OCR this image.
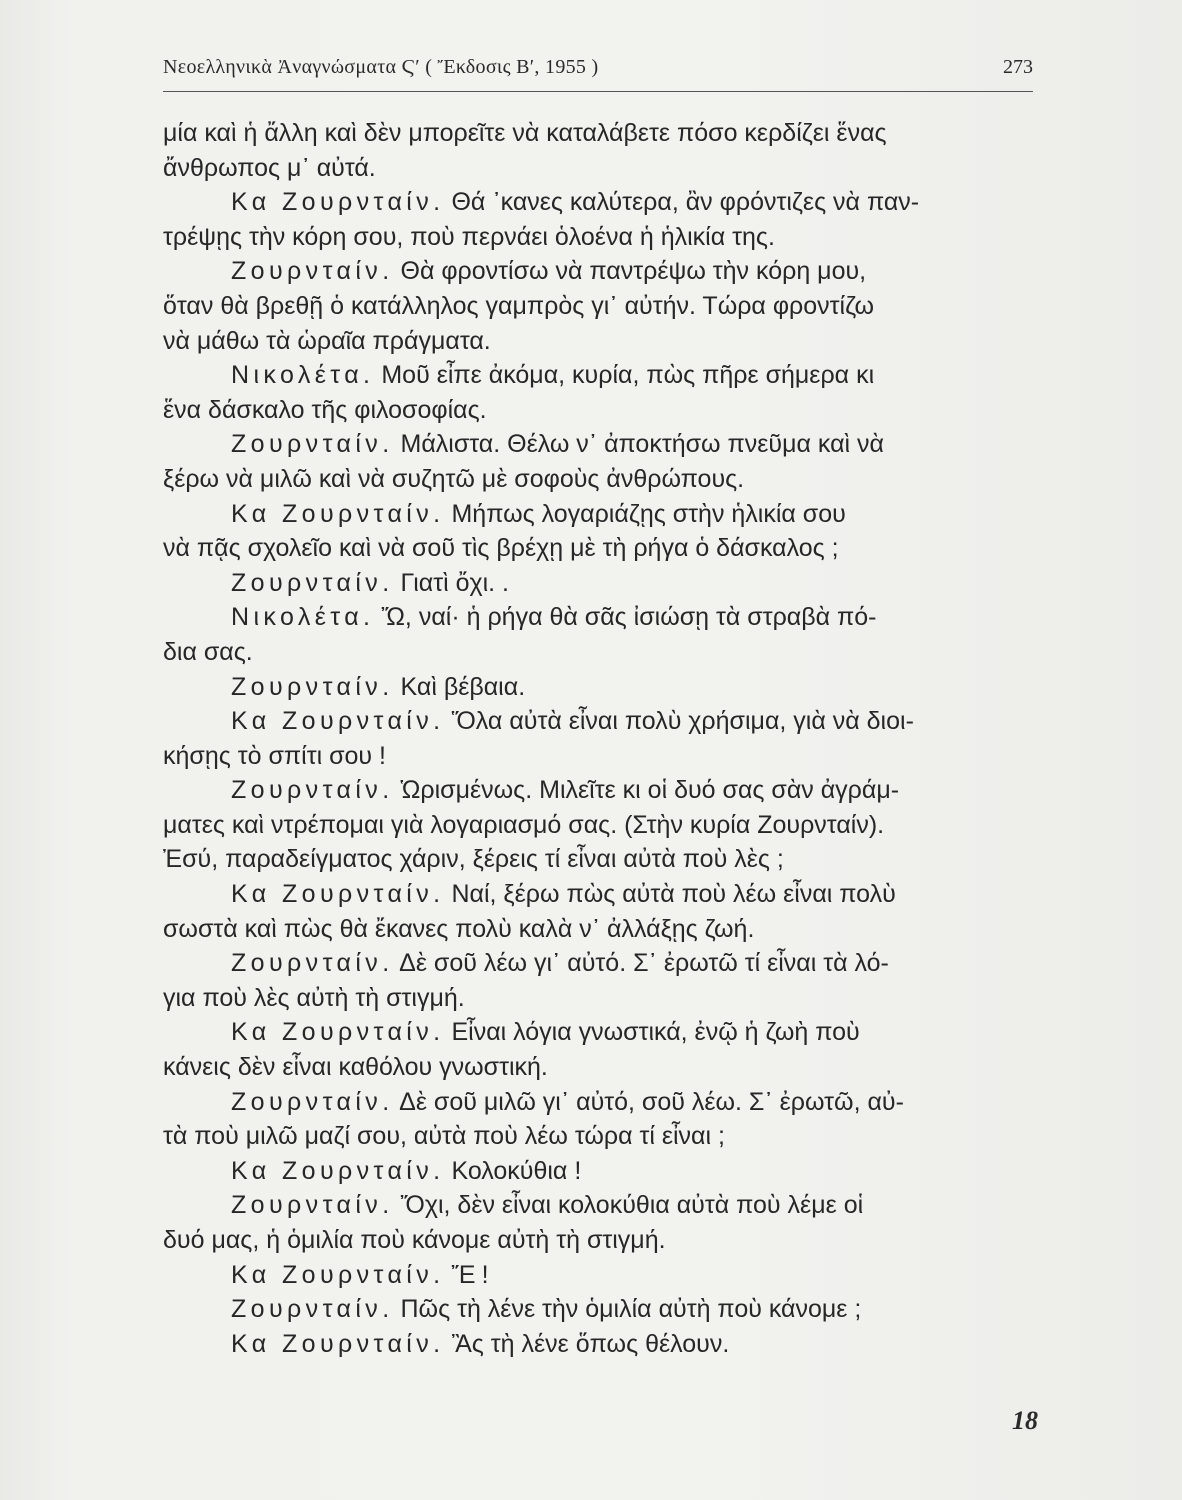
Νεοελληνικὰ Ἀναγνώσματα Ϛ′ ( Ἔκδοσις Β′, 1955 )	273
μία καὶ ἡ ἄλλη καὶ δὲν μπορεῖτε νὰ καταλάβετε πόσο κερδίζει ἕνας
ἄνθρωπος μ᾽ αὐτά.
Κα Ζουρνταίν. Θά ᾽κανες καλύτερα, ἂν φρόντιζες νὰ παν-
τρέψῃς τὴν κόρη σου, ποὺ περνάει ὁλοένα ἡ ἡλικία της.
Ζουρνταίν. Θὰ φροντίσω νὰ παντρέψω τὴν κόρη μου,
ὅταν θὰ βρεθῇ ὁ κατάλληλος γαμπρὸς γι᾽ αὐτήν. Τώρα φροντίζω
νὰ μάθω τὰ ὡραῖα πράγματα.
Νικολέτα. Μοῦ εἶπε ἀκόμα, κυρία, πὼς πῆρε σήμερα κι
ἕνα δάσκαλο τῆς φιλοσοφίας.
Ζουρνταίν. Μάλιστα. Θέλω ν᾽ ἀποκτήσω πνεῦμα καὶ νὰ
ξέρω νὰ μιλῶ καὶ νὰ συζητῶ μὲ σοφοὺς ἀνθρώπους.
Κα Ζουρνταίν. Μήπως λογαριάζῃς στὴν ἡλικία σου
νὰ πᾷς σχολεῖο καὶ νὰ σοῦ τὶς βρέχῃ μὲ τὴ ρήγα ὁ δάσκαλος ;
Ζουρνταίν. Γιατὶ ὄχι. .
Νικολέτα. Ὤ, ναί· ἡ ρήγα θὰ σᾶς ἰσιώσῃ τὰ στραβὰ πό-
δια σας.
Ζουρνταίν. Καὶ βέβαια.
Κα Ζουρνταίν. Ὅλα αὐτὰ εἶναι πολὺ χρήσιμα, γιὰ νὰ διοι-
κήσῃς τὸ σπίτι σου !
Ζουρνταίν. Ὡρισμένως. Μιλεῖτε κι οἱ δυό σας σὰν ἀγράμ-
ματες καὶ ντρέπομαι γιὰ λογαριασμό σας. (Στὴν κυρία Ζουρνταίν).
Ἐσύ, παραδείγματος χάριν, ξέρεις τί εἶναι αὐτὰ ποὺ λὲς ;
Κα Ζουρνταίν. Ναί, ξέρω πὼς αὐτὰ ποὺ λέω εἶναι πολὺ
σωστὰ καὶ πὼς θὰ ἔκανες πολὺ καλὰ ν᾽ ἀλλάξῃς ζωή.
Ζουρνταίν. Δὲ σοῦ λέω γι᾽ αὐτό. Σ᾽ ἐρωτῶ τί εἶναι τὰ λό-
για ποὺ λὲς αὐτὴ τὴ στιγμή.
Κα Ζουρνταίν. Εἶναι λόγια γνωστικά, ἐνῷ ἡ ζωὴ ποὺ
κάνεις δὲν εἶναι καθόλου γνωστική.
Ζουρνταίν. Δὲ σοῦ μιλῶ γι᾽ αὐτό, σοῦ λέω. Σ᾽ ἐρωτῶ, αὐ-
τὰ ποὺ μιλῶ μαζί σου, αὐτὰ ποὺ λέω τώρα τί εἶναι ;
Κα Ζουρνταίν. Κολοκύθια !
Ζουρνταίν. Ὄχι, δὲν εἶναι κολοκύθια αὐτὰ ποὺ λέμε οἱ
δυό μας, ἡ ὁμιλία ποὺ κάνομε αὐτὴ τὴ στιγμή.
Κα Ζουρνταίν. Ἔ !
Ζουρνταίν. Πῶς τὴ λένε τὴν ὁμιλία αὐτὴ ποὺ κάνομε ;
Κα Ζουρνταίν. Ἂς τὴ λένε ὅπως θέλουν.
18
